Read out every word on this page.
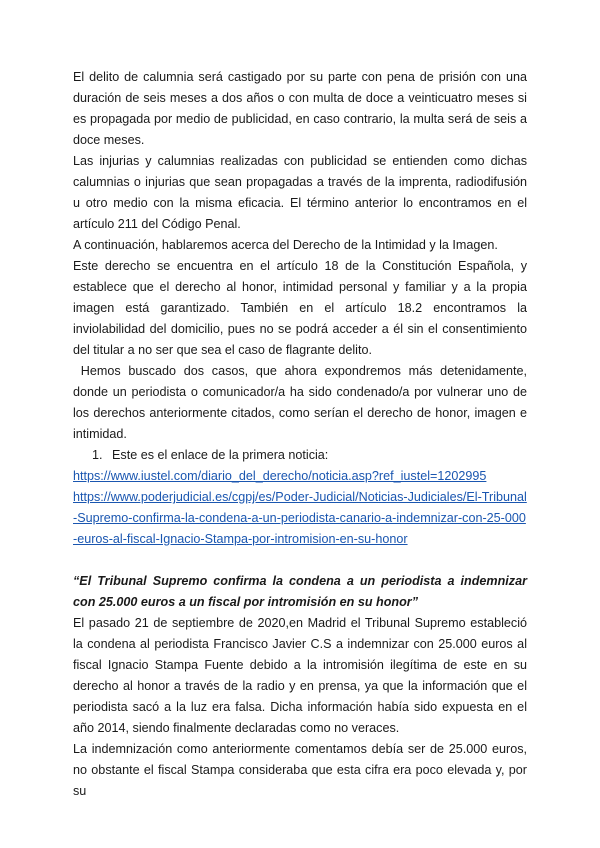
El delito de calumnia será castigado por su parte con pena de prisión con una duración de seis meses a dos años o con multa de doce a veinticuatro meses si es propagada por medio de publicidad, en caso contrario, la multa será de seis a doce meses.

Las injurias y calumnias realizadas con publicidad se entienden como dichas calumnias o injurias que sean propagadas a través de la imprenta, radiodifusión u otro medio con la misma eficacia. El término anterior lo encontramos en el artículo 211 del Código Penal.

A continuación, hablaremos acerca del Derecho de la Intimidad y la Imagen.

Este derecho se encuentra en el artículo 18 de la Constitución Española, y establece que el derecho al honor, intimidad personal y familiar y a la propia imagen está garantizado. También en el artículo 18.2 encontramos la inviolabilidad del domicilio, pues no se podrá acceder a él sin el consentimiento del titular a no ser que sea el caso de flagrante delito.

Hemos buscado dos casos, que ahora expondremos más detenidamente,  donde un periodista o comunicador/a ha sido condenado/a por vulnerar uno de los derechos anteriormente citados, como serían el derecho de honor, imagen e intimidad.

1. Este es el enlace de la primera noticia:
https://www.iustel.com/diario_del_derecho/noticia.asp?ref_iustel=1202995
https://www.poderjudicial.es/cgpj/es/Poder-Judicial/Noticias-Judiciales/El-Tribunal-Supremo-confirma-la-condena-a-un-periodista-canario-a-indemnizar-con-25-000-euros-al-fiscal-Ignacio-Stampa-por-intromision-en-su-honor

“El Tribunal Supremo confirma la condena a un periodista a indemnizar con 25.000 euros a un fiscal por intromisión en su honor”

El pasado 21 de septiembre de 2020,en Madrid el Tribunal Supremo estableció la condena al periodista Francisco Javier C.S a indemnizar con 25.000 euros al fiscal Ignacio Stampa Fuente debido a la intromisión ilegítima de este en su derecho al honor a través de la radio y en prensa, ya que la información que el periodista sacó a la luz era falsa. Dicha información había sido expuesta en el año 2014, siendo finalmente declaradas como no veraces.

La indemnización como anteriormente comentamos debía ser de 25.000 euros, no obstante el fiscal Stampa consideraba que esta cifra era poco elevada y, por su
